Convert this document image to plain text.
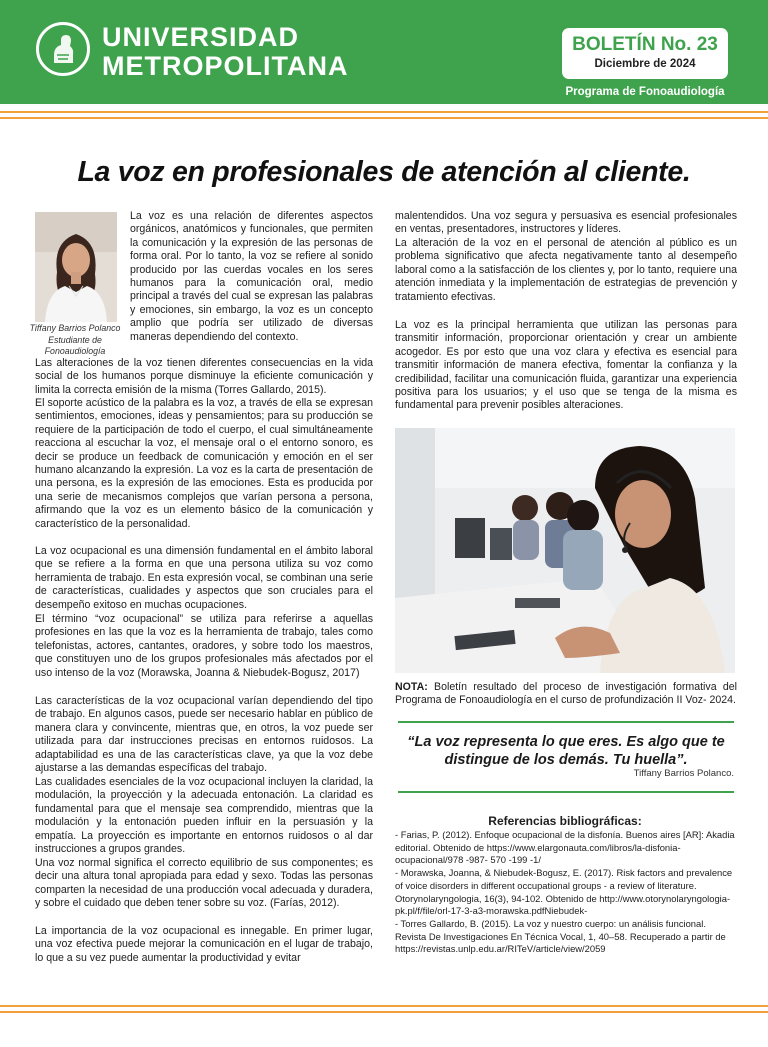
UNIVERSIDAD
METROPOLITANA
BOLETÍN No. 23
Diciembre de 2024
Programa de Fonoaudiología
La voz en profesionales de atención al cliente.
Tiffany Barrios Polanco
Estudiante de
Fonoaudiología

La voz es una relación de diferentes aspectos orgánicos, anatómicos y funcionales, que permiten la comunicación y la expresión de las personas de forma oral. Por lo tanto, la voz se refiere al sonido producido por las cuerdas vocales en los seres humanos para la comunicación oral, medio principal a través del cual se expresan las palabras y emociones, sin embargo, la voz es un concepto amplio que podría ser utilizado de diversas maneras dependiendo del contexto.

Las alteraciones de la voz tienen diferentes consecuencias en la vida social de los humanos porque disminuye la eficiente comunicación y limita la correcta emisión de la misma (Torres Gallardo, 2015).

El soporte acústico de la palabra es la voz, a través de ella se expresan sentimientos, emociones, ideas y pensamientos; para su producción se requiere de la participación de todo el cuerpo, el cual simultáneamente reacciona al escuchar la voz, el mensaje oral o el entorno sonoro, es decir se produce un feedback de comunicación y emoción en el ser humano alcanzando la expresión. La voz es la carta de presentación de una persona, es la expresión de las emociones. Esta es producida por una serie de mecanismos complejos que varían persona a persona, afirmando que la voz es un elemento básico de la comunicación y característico de la personalidad.

La voz ocupacional es una dimensión fundamental en el ámbito laboral que se refiere a la forma en que una persona utiliza su voz como herramienta de trabajo. En esta expresión vocal, se combinan una serie de características, cualidades y aspectos que son cruciales para el desempeño exitoso en muchas ocupaciones.

El término “voz ocupacional” se utiliza para referirse a aquellas profesiones en las que la voz es la herramienta de trabajo, tales como telefonistas, actores, cantantes, oradores, y sobre todo los maestros, que constituyen uno de los grupos profesionales más afectados por el uso intenso de la voz (Morawska, Joanna & Niebudek-Bogusz, 2017)

Las características de la voz ocupacional varían dependiendo del tipo de trabajo. En algunos casos, puede ser necesario hablar en público de manera clara y convincente, mientras que, en otros, la voz puede ser utilizada para dar instrucciones precisas en entornos ruidosos. La adaptabilidad es una de las características clave, ya que la voz debe ajustarse a las demandas específicas del trabajo.

Las cualidades esenciales de la voz ocupacional incluyen la claridad, la modulación, la proyección y la adecuada entonación. La claridad es fundamental para que el mensaje sea comprendido, mientras que la modulación y la entonación pueden influir en la persuasión y la empatía. La proyección es importante en entornos ruidosos o al dar instrucciones a grupos grandes.

Una voz normal significa el correcto equilibrio de sus componentes; es decir una altura tonal apropiada para edad y sexo. Todas las personas comparten la necesidad de una producción vocal adecuada y duradera, y sobre el cuidado que deben tener sobre su voz. (Farías, 2012).

La importancia de la voz ocupacional es innegable. En primer lugar, una voz efectiva puede mejorar la comunicación en el lugar de trabajo, lo que a su vez puede aumentar la productividad y evitar

malentendidos. Una voz segura y persuasiva es esencial profesionales en ventas, presentadores, instructores y líderes.

La alteración de la voz en el personal de atención al público es un problema significativo que afecta negativamente tanto al desempeño laboral como a la satisfacción de los clientes y, por lo tanto, requiere una atención inmediata y la implementación de estrategias de prevención y tratamiento efectivas.

La voz es la principal herramienta que utilizan las personas para transmitir información, proporcionar orientación y crear un ambiente acogedor. Es por esto que una voz clara y efectiva es esencial para transmitir información de manera efectiva, fomentar la confianza y la credibilidad, facilitar una comunicación fluida, garantizar una experiencia positiva para los usuarios; y el uso que se tenga de la misma es fundamental para prevenir posibles alteraciones.

NOTA: Boletín resultado del proceso de investigación formativa del Programa de Fonoaudiología en el curso de profundización II Voz- 2024.
“La voz representa lo que eres. Es algo que te distingue de los demás. Tu huella”.
Tiffany Barrios Polanco.
Referencias bibliográficas:
- Farias, P. (2012). Enfoque ocupacional de la disfonía. Buenos aires [AR]: Akadia editorial. Obtenido de https://www.elargonauta.com/libros/la-disfonia-ocupacional/978 -987- 570 -199 -1/
- Morawska, Joanna, & Niebudek-Bogusz, E. (2017). Risk factors and prevalence of voice disorders in different occupational groups - a review of literature. Otorynolaryngologia, 16(3), 94-102. Obtenido de http://www.otorynolaryngologia-pk.pl/f/file/orl-17-3-a3-morawska.pdfNiebudek-
- Torres Gallardo, B. (2015). La voz y nuestro cuerpo: un análisis funcional. Revista De Investigaciones En Técnica Vocal, 1, 40–58. Recuperado a partir de https://revistas.unlp.edu.ar/RITeV/article/view/2059
